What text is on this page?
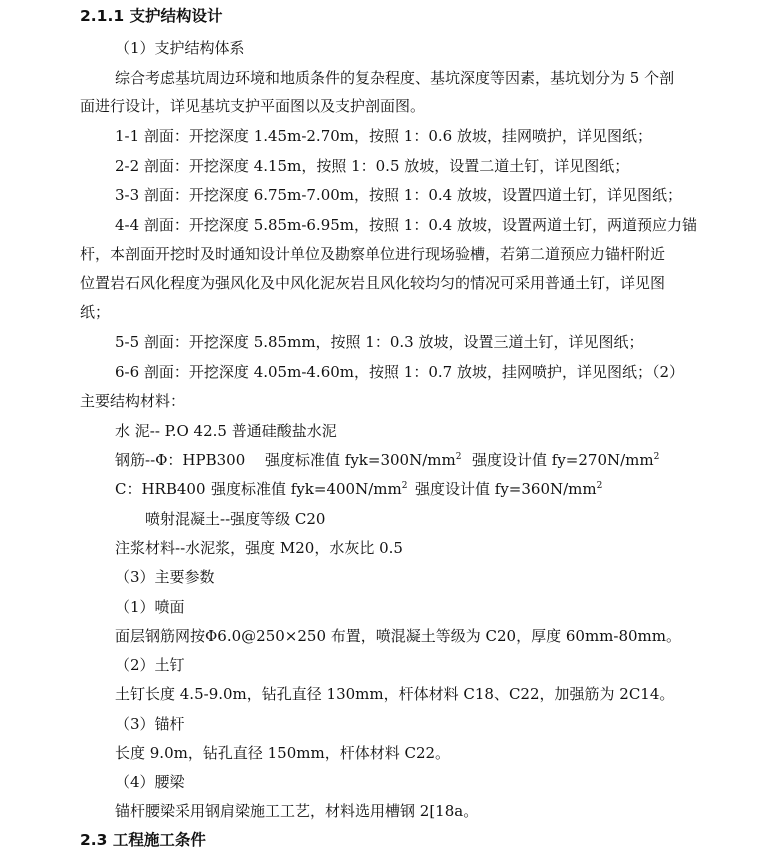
2.1.1 支护结构设计
（1）支护结构体系
综合考虑基坑周边环境和地质条件的复杂程度、基坑深度等因素，基坑划分为 5 个剖
面进行设计，详见基坑支护平面图以及支护剖面图。
1-1 剖面：开挖深度 1.45m-2.70m，按照 1：0.6 放坡，挂网喷护，详见图纸；
2-2 剖面：开挖深度 4.15m，按照 1：0.5 放坡，设置二道土钉，详见图纸；
3-3 剖面：开挖深度 6.75m-7.00m，按照 1：0.4 放坡，设置四道土钉，详见图纸；
4-4 剖面：开挖深度 5.85m-6.95m，按照 1：0.4 放坡，设置两道土钉，两道预应力锚
杆，本剖面开挖时及时通知设计单位及勘察单位进行现场验槽，若第二道预应力锚杆附近
位置岩石风化程度为强风化及中风化泥灰岩且风化较均匀的情况可采用普通土钉，详见图
纸；
5-5 剖面：开挖深度 5.85mm，按照 1：0.3 放坡，设置三道土钉，详见图纸；
6-6 剖面：开挖深度 4.05m-4.60m，按照 1：0.7 放坡，挂网喷护，详见图纸；（2）
主要结构材料：
水 泥-- P.O 42.5 普通硅酸盐水泥
钢筋--Φ：HPB300 强度标准值 $fyk=300N/mm^2$ 强度设计值 $fy=270N/mm^2$
C：HRB400 强度标准值 $fyk=400N/mm^2$ 强度设计值 $fy=360N/mm^2$
喷射混凝土--强度等级 C20
注浆材料--水泥浆，强度 M20，水灰比 0.5
（3）主要参数
（1）喷面
面层钢筋网按Φ6.0@250×250 布置，喷混凝土等级为 C20，厚度 60mm-80mm。
（2）土钉
土钉长度 4.5-9.0m，钻孔直径 130mm，杆体材料 C18、C22，加强筋为 2C14。
（3）锚杆
长度 9.0m，钻孔直径 150mm，杆体材料 C22。
（4）腰梁
锚杆腰梁采用钢肩梁施工工艺，材料选用槽钢 2[18a。
2.3 工程施工条件
